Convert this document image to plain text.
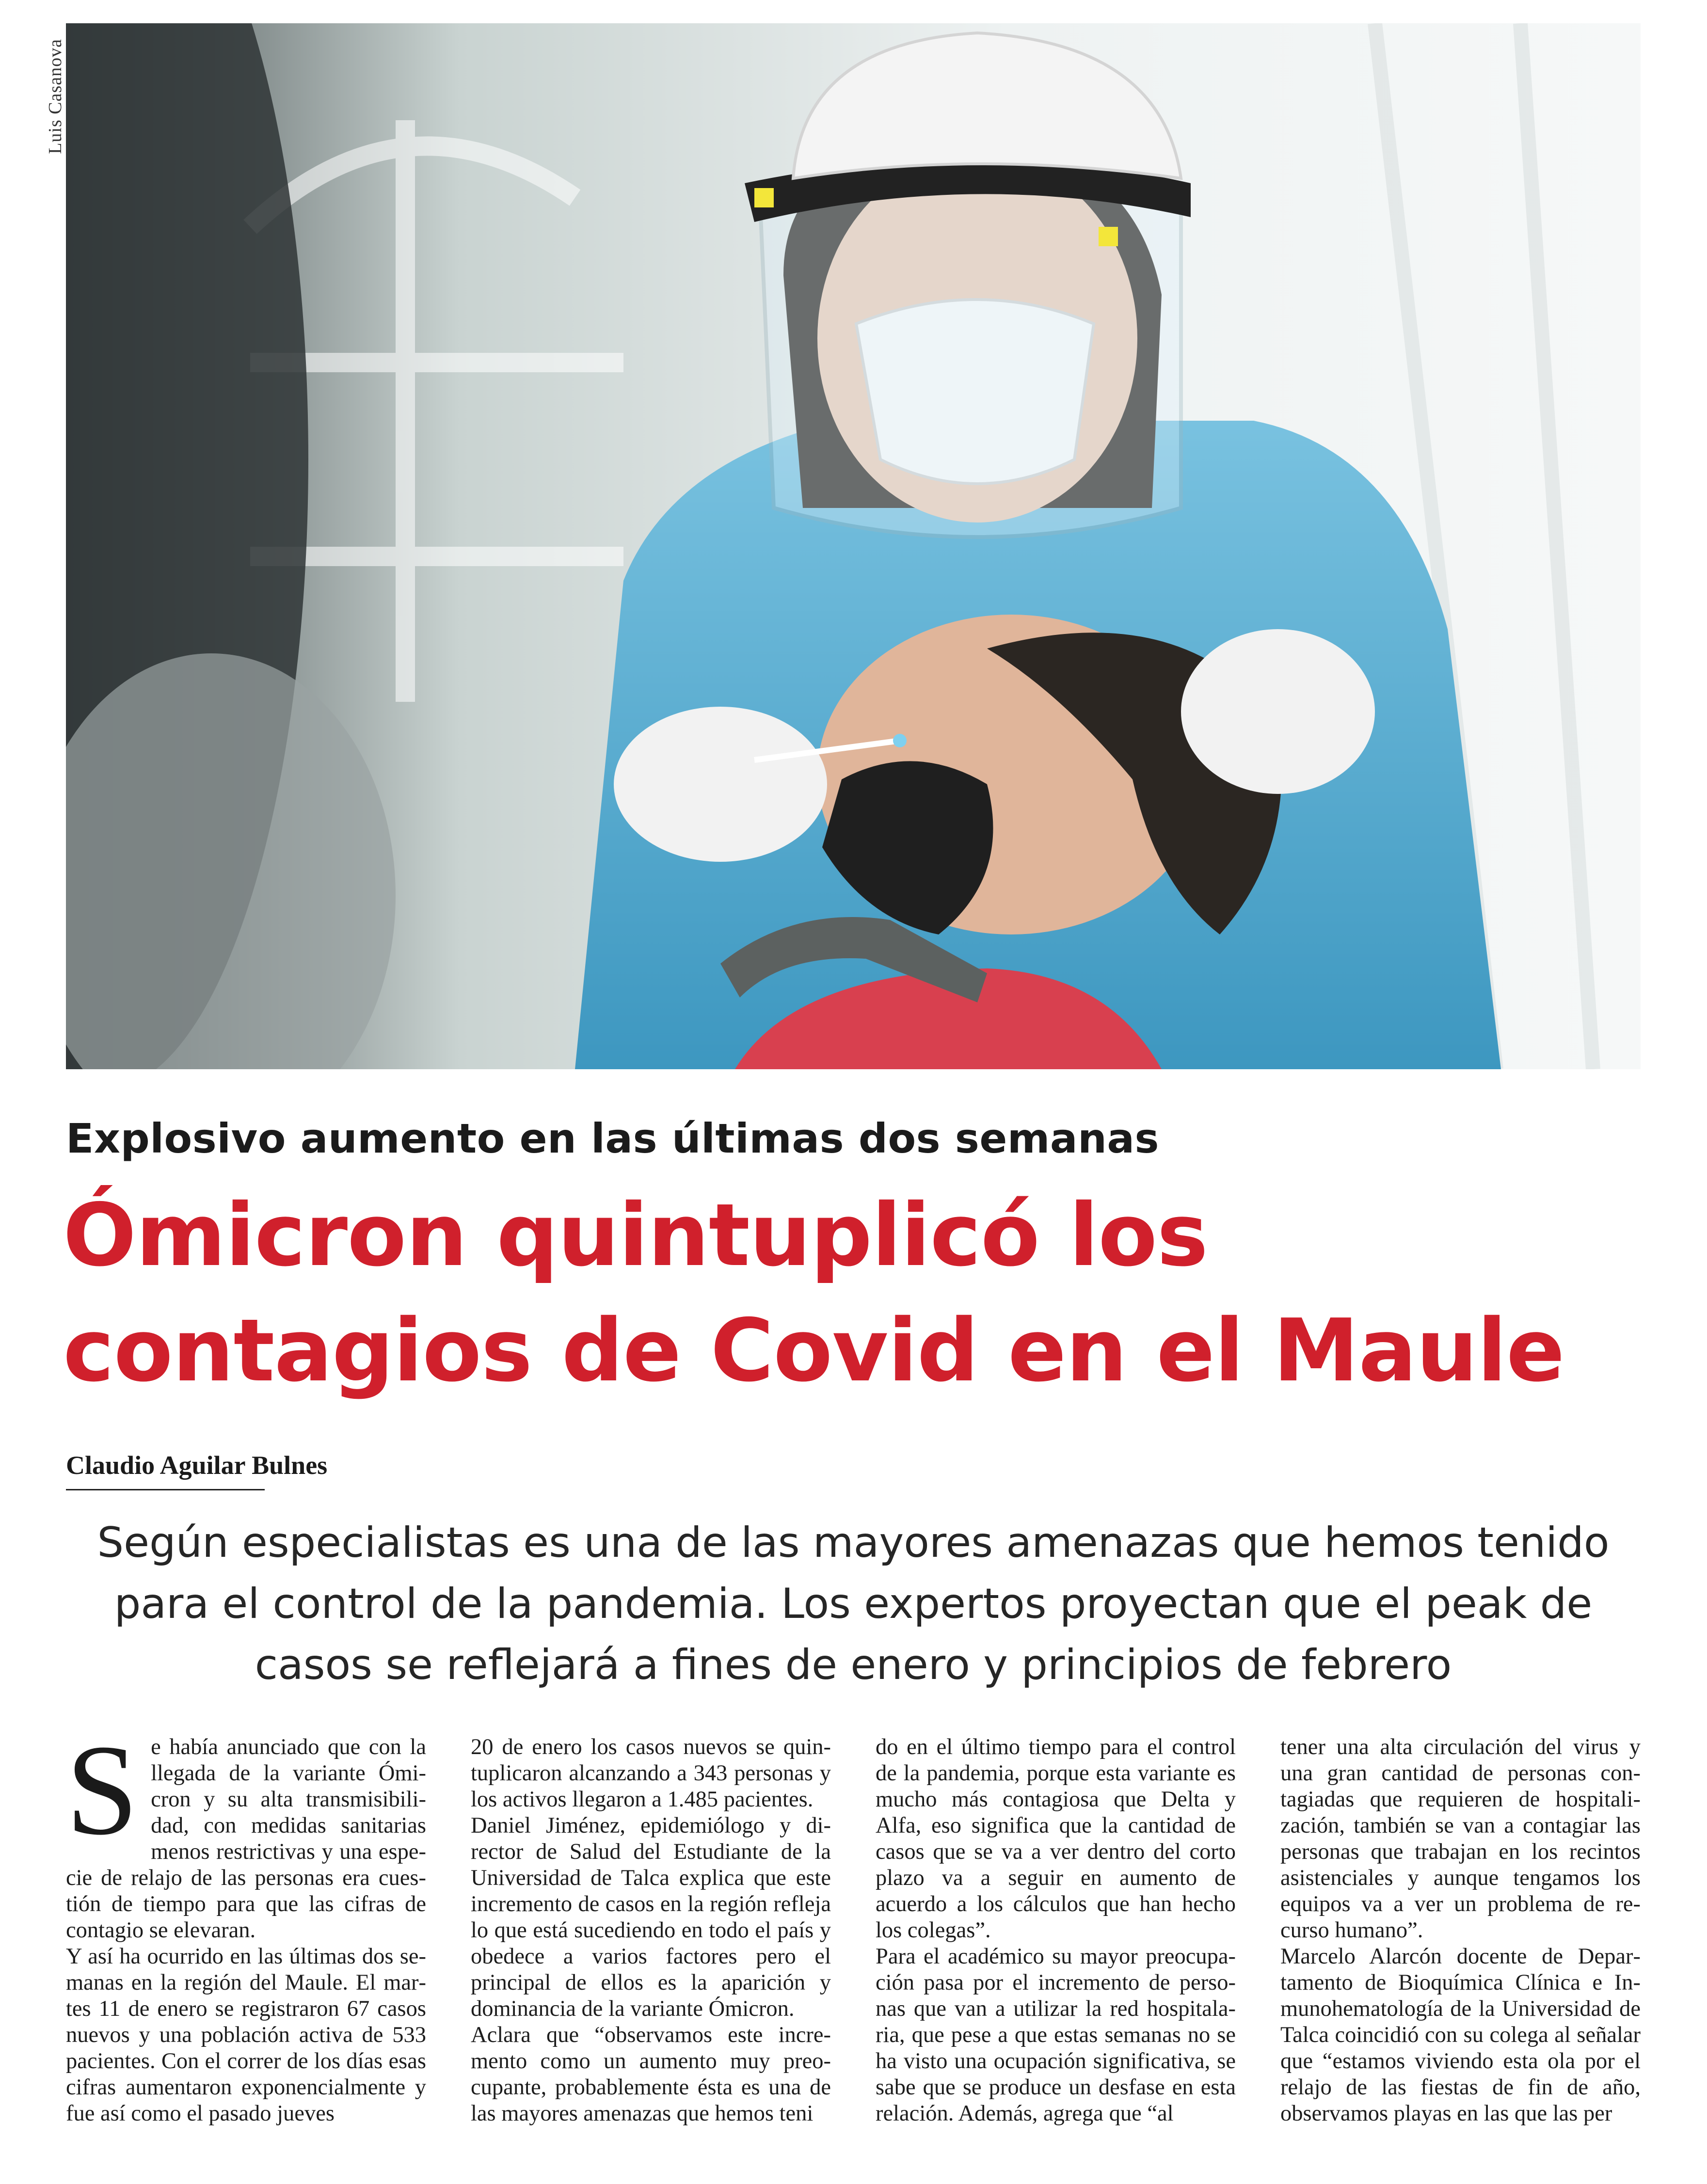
Luis Casanova
Explosivo aumento en las últimas dos semanas
Ómicron quintuplicó los contagios de Covid en el Maule
Claudio Aguilar Bulnes
Según especialistas es una de las mayores amenazas que hemos tenido para el control de la pandemia. Los expertos proyectan que el peak de casos se reflejará a fines de enero y principios de febrero
S e había anunciado que con la llegada de la variante Ómicron y su alta transmisibilidad, con medidas sanitarias menos restrictivas y una especie de relajo de las personas era cuestión de tiempo para que las cifras de contagio se elevaran.

Y así ha ocurrido en las últimas dos semanas en la región del Maule. El martes 11 de enero se registraron 67 casos nuevos y una población activa de 533 pacientes. Con el correr de los días esas cifras aumentaron exponencialmente y fue así como el pasado jueves

20 de enero los casos nuevos se quintuplicaron alcanzando a 343 personas y los activos llegaron a 1.485 pacientes.

Daniel Jiménez, epidemiólogo y director de Salud del Estudiante de la Universidad de Talca explica que este incremento de casos en la región refleja lo que está sucediendo en todo el país y obedece a varios factores pero el principal de ellos es la aparición y dominancia de la variante Ómicron.

Aclara que “observamos este incremento como un aumento muy preocupante, probablemente ésta es una de las mayores amenazas que hemos teni

do en el último tiempo para el control de la pandemia, porque esta variante es mucho más contagiosa que Delta y Alfa, eso significa que la cantidad de casos que se va a ver dentro del corto plazo va a seguir en aumento de acuerdo a los cálculos que han hecho los colegas”.

Para el académico su mayor preocupación pasa por el incremento de personas que van a utilizar la red hospitalaria, que pese a que estas semanas no se ha visto una ocupación significativa, se sabe que se produce un desfase en esta relación. Además, agrega que “al

tener una alta circulación del virus y una gran cantidad de personas contagiadas que requieren de hospitalización, también se van a contagiar las personas que trabajan en los recintos asistenciales y aunque tengamos los equipos va a ver un problema de recurso humano”.

Marcelo Alarcón docente de Departamento de Bioquímica Clínica e Inmunohematología de la Universidad de Talca coincidió con su colega al señalar que “estamos viviendo esta ola por el relajo de las fiestas de fin de año, observamos playas en las que las per
